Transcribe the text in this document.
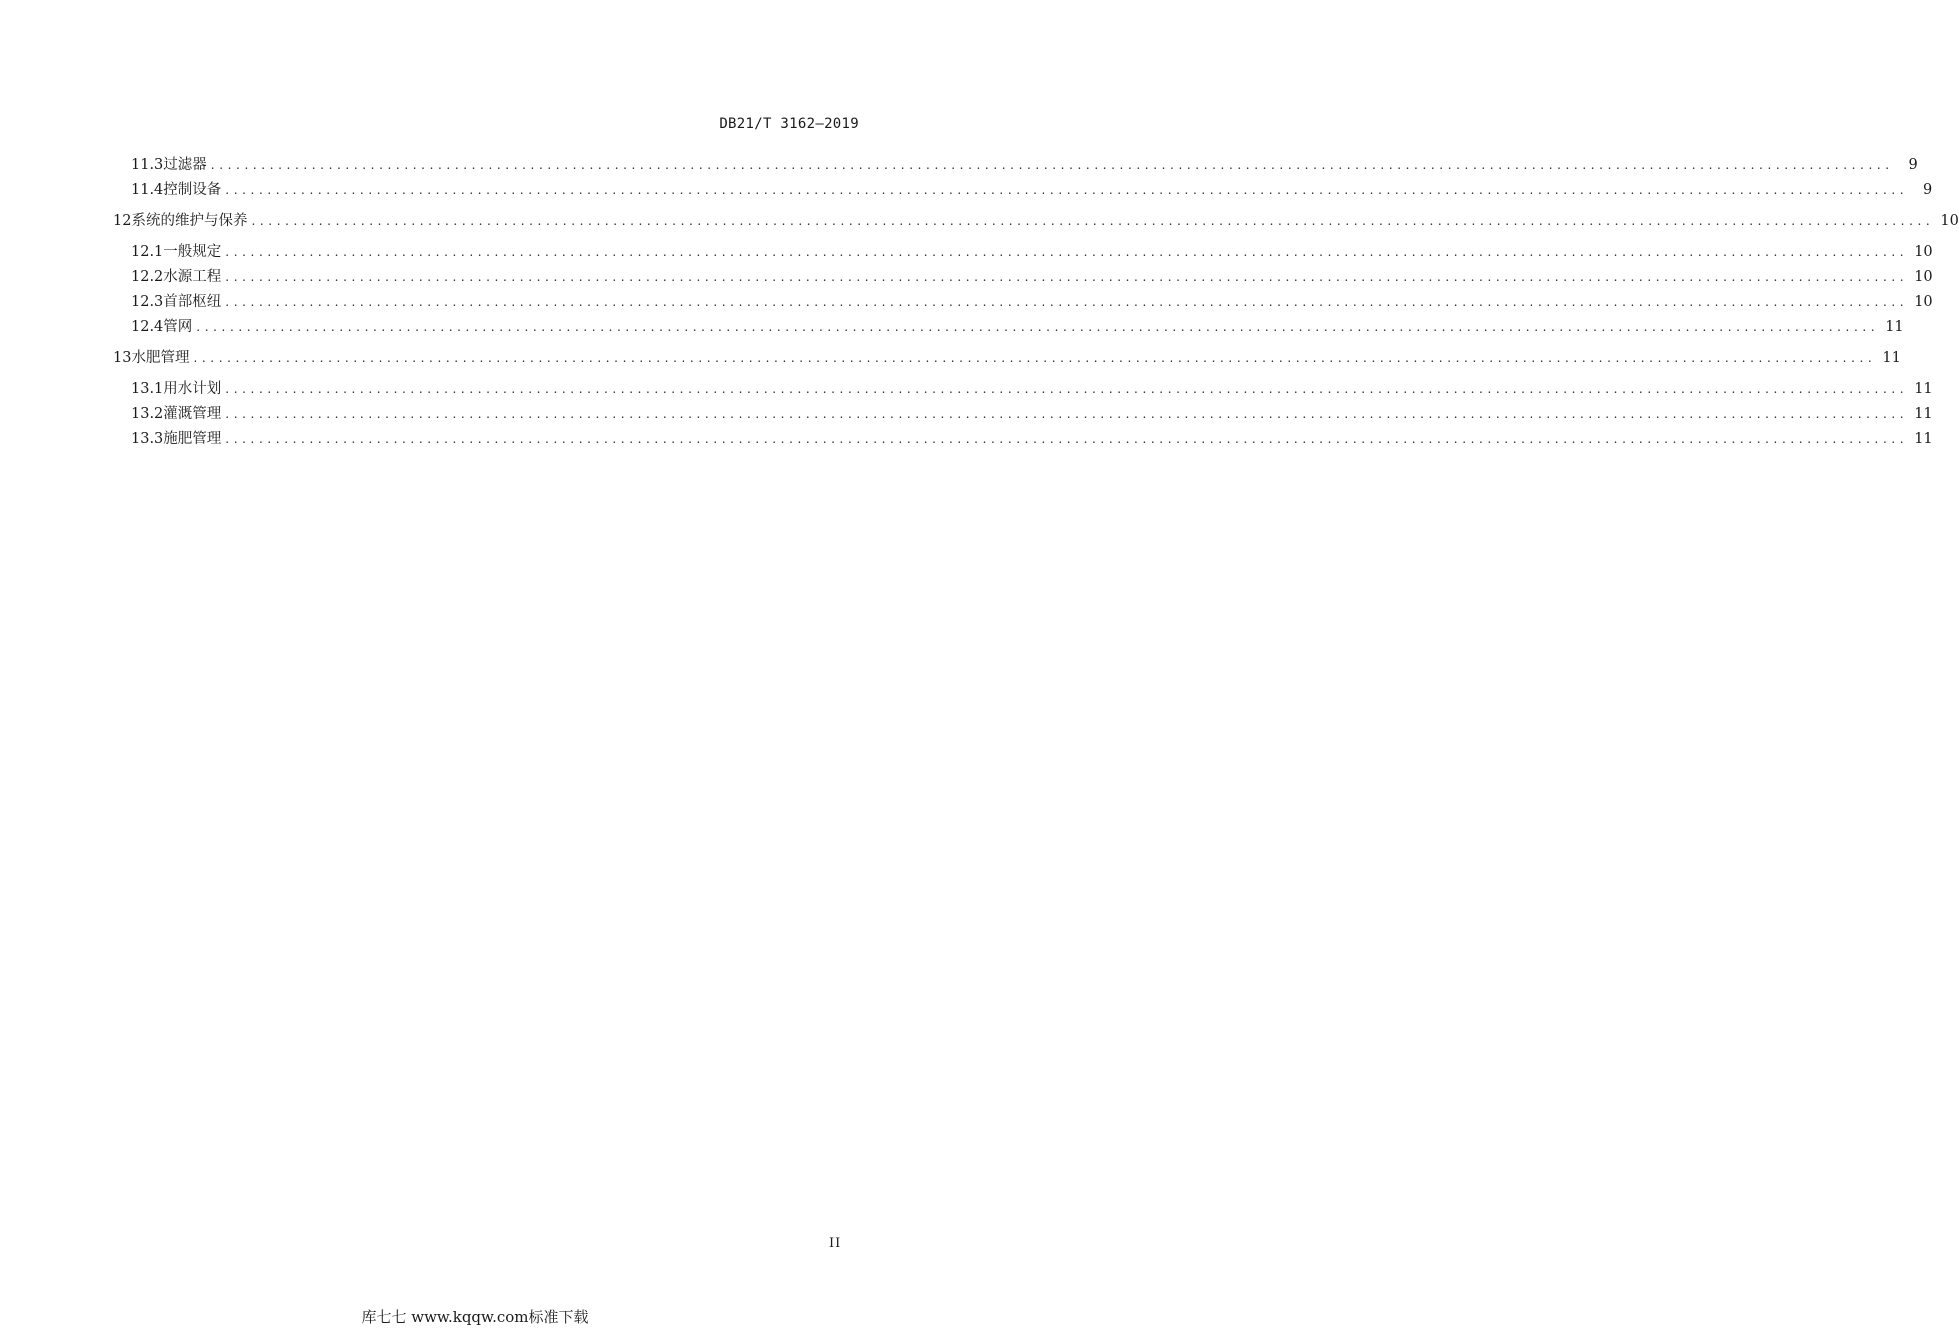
DB21/T 3162—2019
11.3 过滤器 ........................................................................................................................................................................................................	9
11.4 控制设备 ........................................................................................................................................................................................................	9
12 系统的维护与保养 ........................................................................................................................................................................................................ 10
12.1 一般规定 ........................................................................................................................................................................................................ 10
12.2 水源工程 ........................................................................................................................................................................................................ 10
12.3 首部枢纽 ........................................................................................................................................................................................................ 10
12.4 管网 ........................................................................................................................................................................................................ 11
13 水肥管理 ........................................................................................................................................................................................................ 11
13.1 用水计划 ........................................................................................................................................................................................................ 11
13.2 灌溉管理 ........................................................................................................................................................................................................ 11
13.3 施肥管理 ........................................................................................................................................................................................................ 11
II
库七七 www.kqqw.com标准下载
